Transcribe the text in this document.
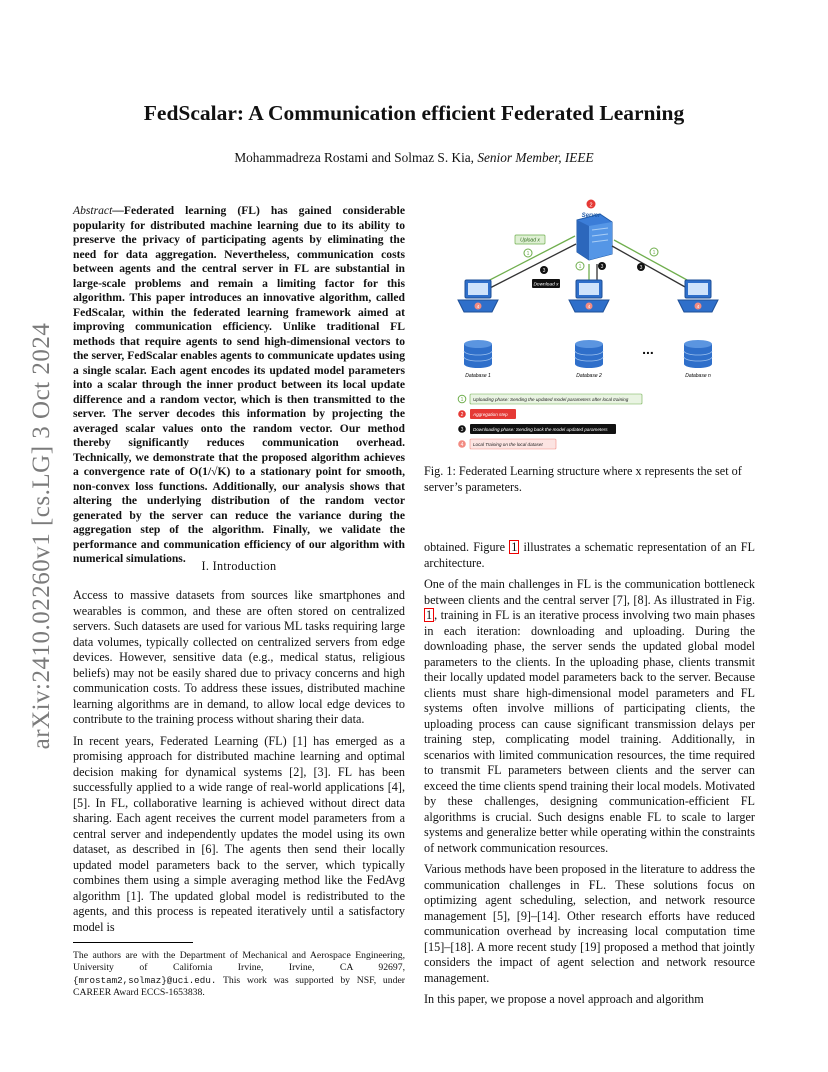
arXiv:2410.02260v1 [cs.LG] 3 Oct 2024
FedScalar: A Communication efficient Federated Learning
Mohammadreza Rostami and Solmaz S. Kia, Senior Member, IEEE
Abstract—Federated learning (FL) has gained considerable popularity for distributed machine learning due to its ability to preserve the privacy of participating agents by eliminating the need for data aggregation. Nevertheless, communication costs between agents and the central server in FL are substantial in large-scale problems and remain a limiting factor for this algorithm. This paper introduces an innovative algorithm, called FedScalar, within the federated learning framework aimed at improving communication efficiency. Unlike traditional FL methods that require agents to send high-dimensional vectors to the server, FedScalar enables agents to communicate updates using a single scalar. Each agent encodes its updated model parameters into a scalar through the inner product between its local update difference and a random vector, which is then transmitted to the server. The server decodes this information by projecting the averaged scalar values onto the random vector. Our method thereby significantly reduces communication overhead. Technically, we demonstrate that the proposed algorithm achieves a convergence rate of O(1/√K) to a stationary point for smooth, non-convex loss functions. Additionally, our analysis shows that altering the underlying distribution of the random vector generated by the server can reduce the variance during the aggregation step of the algorithm. Finally, we validate the performance and communication efficiency of our algorithm with numerical simulations.
I. Introduction

Access to massive datasets from sources like smartphones and wearables is common, and these are often stored on centralized servers. Such datasets are used for various ML tasks requiring large data volumes, typically collected on centralized servers from edge devices. However, sensitive data (e.g., medical status, religious beliefs) may not be easily shared due to privacy concerns and high communication costs. To address these issues, distributed machine learning algorithms are in demand, to allow local edge devices to contribute to the training process without sharing their data.

In recent years, Federated Learning (FL) [1] has emerged as a promising approach for distributed machine learning and optimal decision making for dynamical systems [2], [3]. FL has been successfully applied to a wide range of real-world applications [4], [5]. In FL, collaborative learning is achieved without direct data sharing. Each agent receives the current model parameters from a central server and independently updates the model using its own dataset, as described in [6]. The agents then send their locally updated model parameters back to the server, which typically combines them using a simple averaging method like the FedAvg algorithm [1]. The updated global model is redistributed to the agents, and this process is repeated iteratively until a satisfactory model is

The authors are with the Department of Mechanical and Aerospace Engineering, University of California Irvine, Irvine, CA 92697, {mrostam2,solmaz}@uci.edu. This work was supported by NSF, under CAREER Award ECCS-1653838.
2
Server
1
3
1	3
1
3
Upload x
Download x
4	4	4
...
Database 1	Database 2	Database n
1 Uploading phase: Sending the updated model parameters after local training
2 Aggregation step
3 Downloading phase: Sending back the model updated parameters
4 Local Training on the local dataset
Fig. 1: Federated Learning structure where x represents the set of server’s parameters.

obtained. Figure 1 illustrates a schematic representation of an FL architecture.

One of the main challenges in FL is the communication bottleneck between clients and the central server [7], [8]. As illustrated in Fig. 1 , training in FL is an iterative process involving two main phases in each iteration: downloading and uploading. During the downloading phase, the server sends the updated global model parameters to the clients. In the uploading phase, clients transmit their locally updated model parameters back to the server. Because clients must share high-dimensional model parameters and FL systems often involve millions of participating clients, the uploading process can cause significant transmission delays per training step, complicating model training. Additionally, in scenarios with limited communication resources, the time required to transmit FL parameters between clients and the server can exceed the time clients spend training their local models. Motivated by these challenges, designing communication-efficient FL algorithms is crucial. Such designs enable FL to scale to larger systems and generalize better while operating within the constraints of network communication resources.

Various methods have been proposed in the literature to address the communication challenges in FL. These solutions focus on optimizing agent scheduling, selection, and network resource management [5], [9]–[14]. Other research efforts have reduced communication overhead by increasing local computation time [15]–[18]. A more recent study [19] proposed a method that jointly considers the impact of agent selection and network resource management.

In this paper, we propose a novel approach and algorithm
